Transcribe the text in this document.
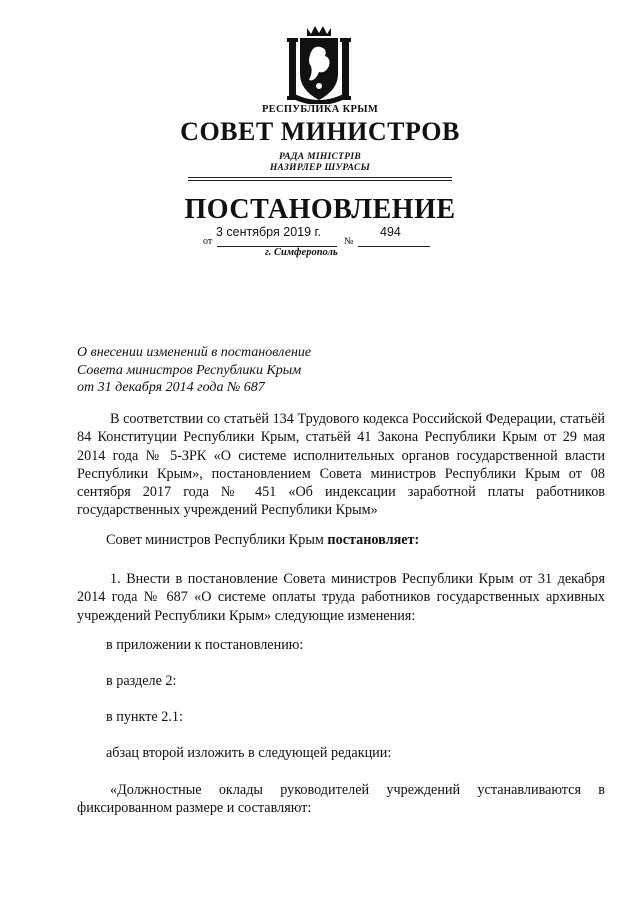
РЕСПУБЛИКА КРЫМ
СОВЕТ МИНИСТРОВ
РАДА МІНІСТРІВ
НАЗИРЛЕР ШУРАСЫ
ПОСТАНОВЛЕНИЕ
от
3 сентября 2019 г.
№
494
г. Симферополь
О внесении изменений в постановление
Совета министров Республики Крым
от 31 декабря 2014 года № 687
В соответствии со статьёй 134 Трудового кодекса Российской Федерации, статьёй 84 Конституции Республики Крым, статьёй 41 Закона Республики Крым от 29 мая 2014 года № 5-ЗРК «О системе исполнительных органов государственной власти Республики Крым», постановлением Совета министров Республики Крым от 08 сентября 2017 года № 451 «Об индексации заработной платы работников государственных учреждений Республики Крым»
Совет министров Республики Крым постановляет:
1. Внести в постановление Совета министров Республики Крым от 31 декабря 2014 года № 687 «О системе оплаты труда работников государственных архивных учреждений Республики Крым» следующие изменения:
в приложении к постановлению:
в разделе 2:
в пункте 2.1:
абзац второй изложить в следующей редакции:
«Должностные оклады руководителей учреждений устанавливаются в фиксированном размере и составляют:
